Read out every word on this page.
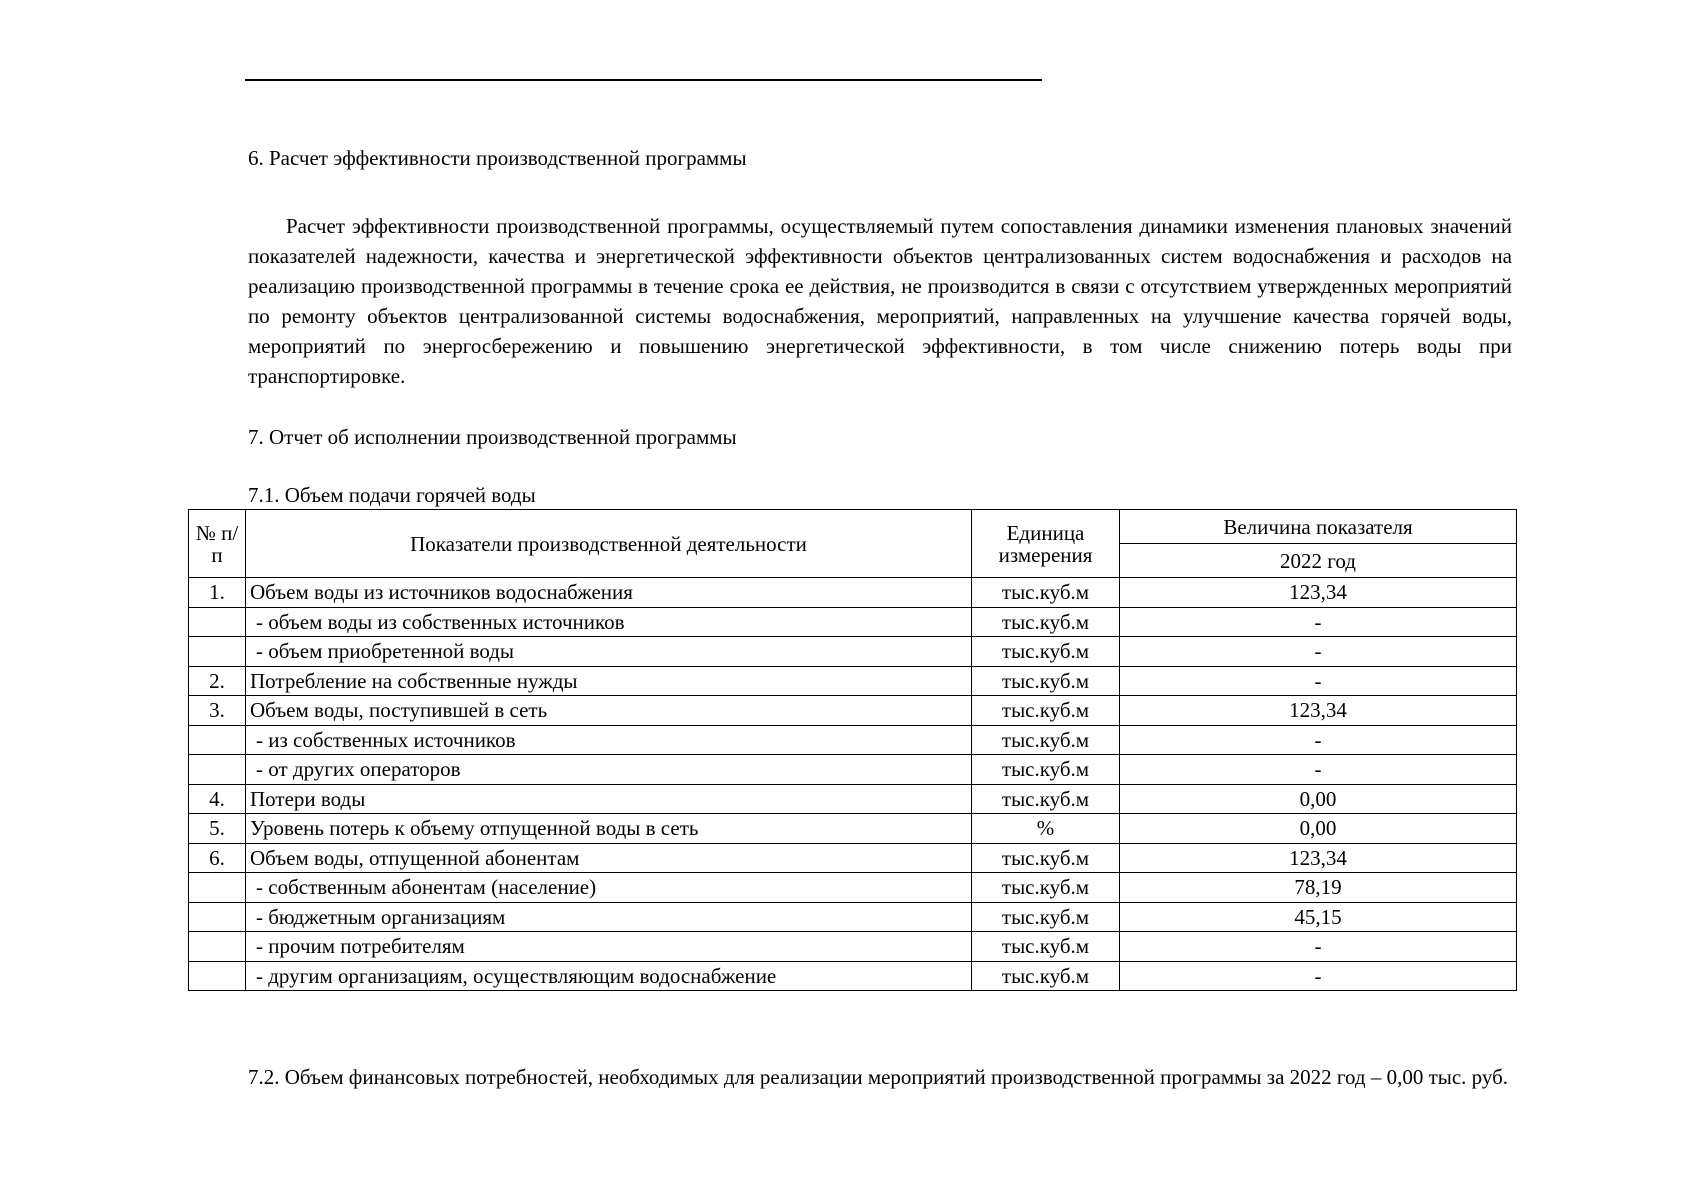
6. Расчет эффективности производственной программы
Расчет эффективности производственной программы, осуществляемый путем сопоставления динамики изменения плановых значений показателей надежности, качества и энергетической эффективности объектов централизованных систем водоснабжения и расходов на реализацию производственной программы в течение срока ее действия, не производится в связи с отсутствием утвержденных мероприятий по ремонту объектов централизованной системы водоснабжения, мероприятий, направленных на улучшение качества горячей воды, мероприятий по энергосбережению и повышению энергетической эффективности, в том числе снижению потерь воды при транспортировке.
7. Отчет об исполнении производственной программы
7.1. Объем подачи горячей воды
№ п/п	Показатели производственной деятельности	Единица измерения	Величина показателя
			2022 год
1.	Объем воды из источников водоснабжения	тыс.куб.м	123,34
	- объем воды из собственных источников	тыс.куб.м	-
	- объем приобретенной воды	тыс.куб.м	-
2.	Потребление на собственные нужды	тыс.куб.м	-
3.	Объем воды, поступившей в сеть	тыс.куб.м	123,34
	- из собственных источников	тыс.куб.м	-
	- от других операторов	тыс.куб.м	-
4.	Потери воды	тыс.куб.м	0,00
5.	Уровень потерь к объему отпущенной воды в сеть	%	0,00
6.	Объем воды, отпущенной абонентам	тыс.куб.м	123,34
	- собственным абонентам (население)	тыс.куб.м	78,19
	- бюджетным организациям	тыс.куб.м	45,15
	- прочим потребителям	тыс.куб.м	-
	- другим организациям, осуществляющим водоснабжение	тыс.куб.м	-
7.2. Объем финансовых потребностей, необходимых для реализации мероприятий производственной программы за 2022 год – 0,00 тыс. руб.
